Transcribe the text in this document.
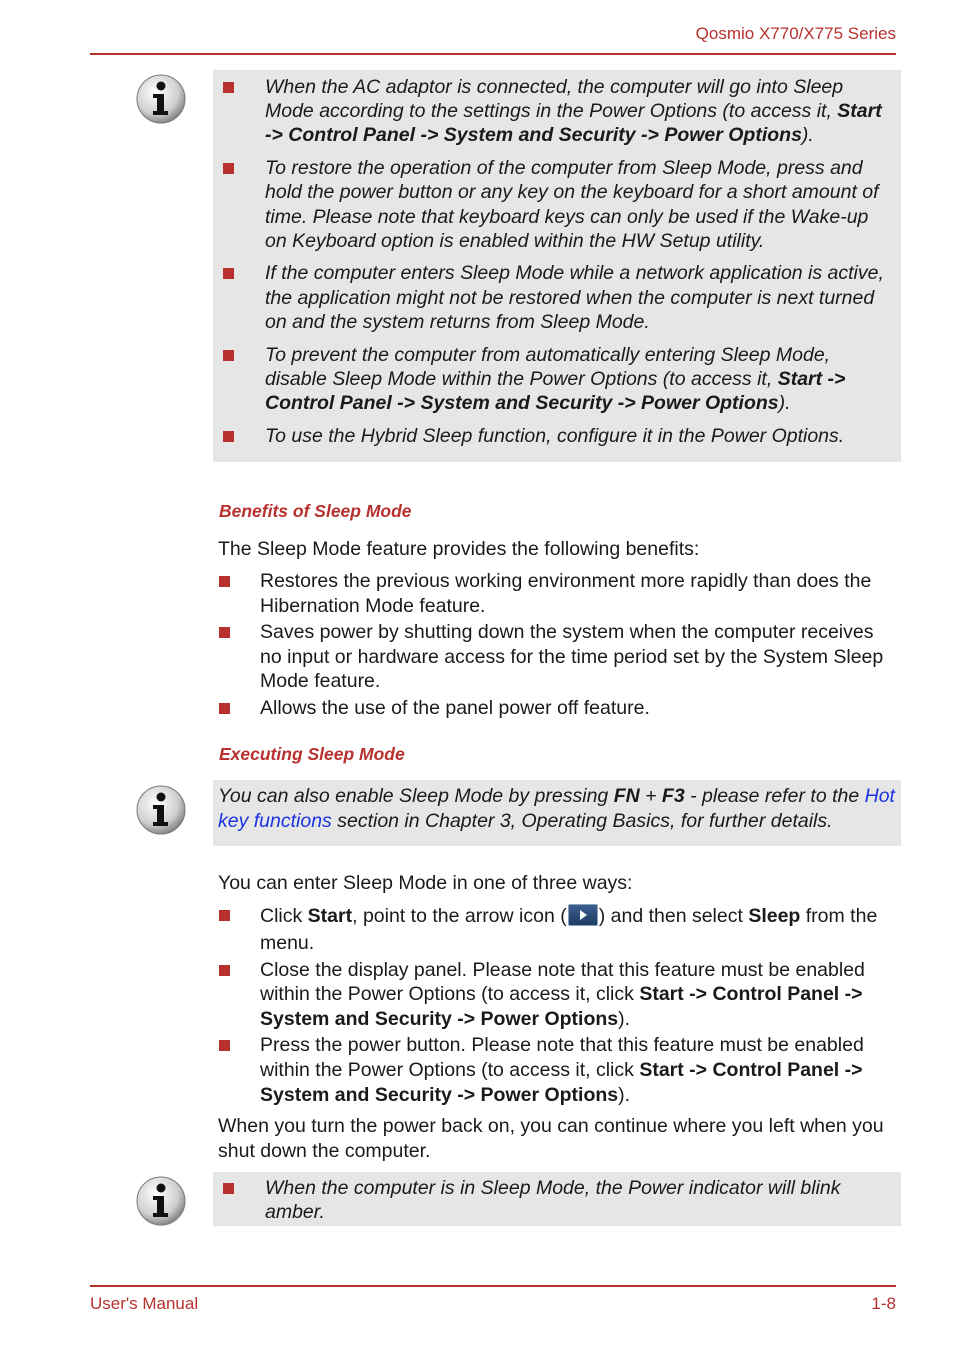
Qosmio X770/X775 Series
When the AC adaptor is connected, the computer will go into Sleep Mode according to the settings in the Power Options (to access it, Start -> Control Panel -> System and Security -> Power Options).
To restore the operation of the computer from Sleep Mode, press and hold the power button or any key on the keyboard for a short amount of time. Please note that keyboard keys can only be used if the Wake-up on Keyboard option is enabled within the HW Setup utility.
If the computer enters Sleep Mode while a network application is active, the application might not be restored when the computer is next turned on and the system returns from Sleep Mode.
To prevent the computer from automatically entering Sleep Mode, disable Sleep Mode within the Power Options (to access it, Start -> Control Panel -> System and Security -> Power Options).
To use the Hybrid Sleep function, configure it in the Power Options.
Benefits of Sleep Mode
The Sleep Mode feature provides the following benefits:
Restores the previous working environment more rapidly than does the Hibernation Mode feature.
Saves power by shutting down the system when the computer receives no input or hardware access for the time period set by the System Sleep Mode feature.
Allows the use of the panel power off feature.
Executing Sleep Mode
You can also enable Sleep Mode by pressing FN + F3 - please refer to the Hot key functions section in Chapter 3, Operating Basics, for further details.
You can enter Sleep Mode in one of three ways:
Click Start, point to the arrow icon ( ) and then select Sleep from the menu.
Close the display panel. Please note that this feature must be enabled within the Power Options (to access it, click Start -> Control Panel -> System and Security -> Power Options).
Press the power button. Please note that this feature must be enabled within the Power Options (to access it, click Start -> Control Panel -> System and Security -> Power Options).
When you turn the power back on, you can continue where you left when you shut down the computer.
When the computer is in Sleep Mode, the Power indicator will blink amber.
User's Manual	1-8
